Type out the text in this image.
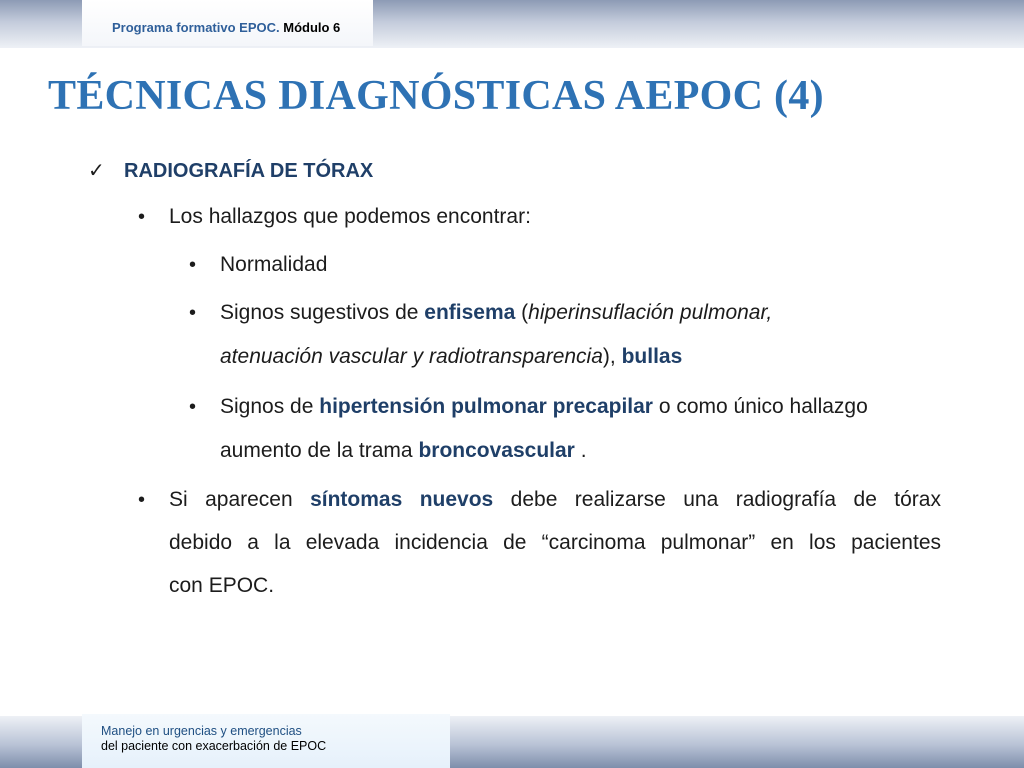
Programa formativo EPOC. Módulo 6
TÉCNICAS DIAGNÓSTICAS AEPOC (4)
✓ RADIOGRAFÍA DE TÓRAX
• Los hallazgos que podemos encontrar:
• Normalidad
• Signos sugestivos de enfisema (hiperinsuflación pulmonar,
atenuación vascular y radiotransparencia), bullas
• Signos de hipertensión pulmonar precapilar o como único hallazgo
aumento de la trama broncovascular .
• Si aparecen síntomas nuevos debe realizarse una radiografía de tórax
debido a la elevada incidencia de “carcinoma pulmonar” en los pacientes
con EPOC.
Manejo en urgencias y emergencias
del paciente con exacerbación de EPOC
